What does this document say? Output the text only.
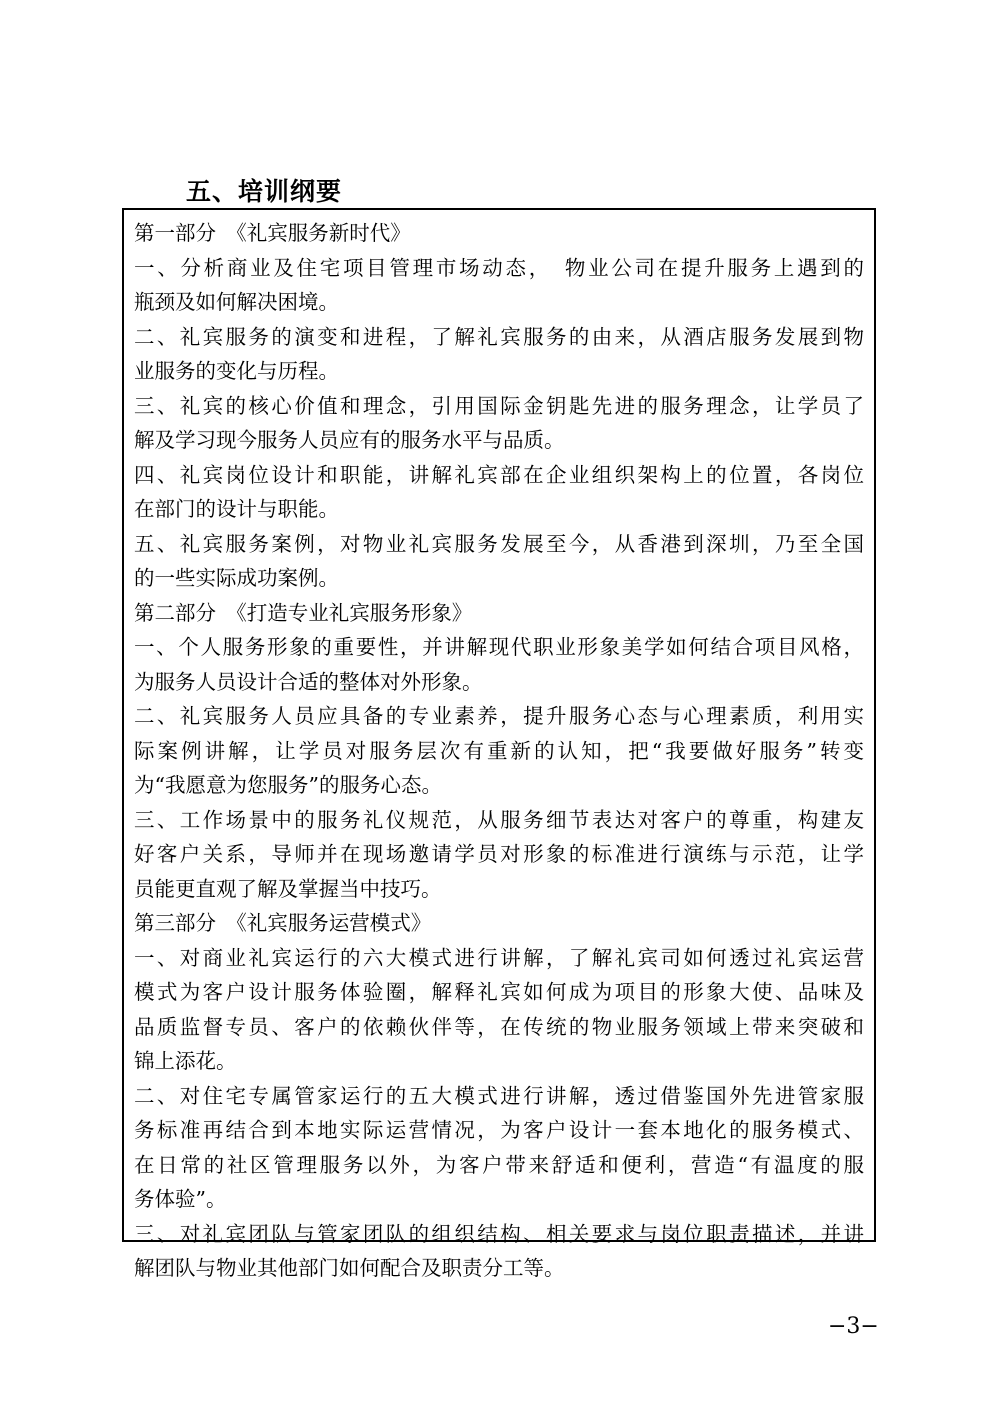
五、培训纲要
第一部分　《礼宾服务新时代》
一、分析商业及住宅项目管理市场动态，　物业公司在提升服务上遇到的
瓶颈及如何解决困境。
二、礼宾服务的演变和进程，了解礼宾服务的由来，从酒店服务发展到物
业服务的变化与历程。
三、礼宾的核心价值和理念，引用国际金钥匙先进的服务理念，让学员了
解及学习现今服务人员应有的服务水平与品质。
四、礼宾岗位设计和职能，讲解礼宾部在企业组织架构上的位置，各岗位
在部门的设计与职能。
五、礼宾服务案例，对物业礼宾服务发展至今，从香港到深圳，乃至全国
的一些实际成功案例。
第二部分　《打造专业礼宾服务形象》
一、个人服务形象的重要性，并讲解现代职业形象美学如何结合项目风格，
为服务人员设计合适的整体对外形象。
二、礼宾服务人员应具备的专业素养，提升服务心态与心理素质，利用实
际案例讲解，让学员对服务层次有重新的认知，把“我要做好服务”转变
为“我愿意为您服务”的服务心态。
三、工作场景中的服务礼仪规范，从服务细节表达对客户的尊重，构建友
好客户关系，导师并在现场邀请学员对形象的标准进行演练与示范，让学
员能更直观了解及掌握当中技巧。
第三部分　《礼宾服务运营模式》
一、对商业礼宾运行的六大模式进行讲解，了解礼宾司如何透过礼宾运营
模式为客户设计服务体验圈，解释礼宾如何成为项目的形象大使、品味及
品质监督专员、客户的依赖伙伴等，在传统的物业服务领域上带来突破和
锦上添花。
二、对住宅专属管家运行的五大模式进行讲解，透过借鉴国外先进管家服
务标准再结合到本地实际运营情况，为客户设计一套本地化的服务模式、
在日常的社区管理服务以外，为客户带来舒适和便利，营造“有温度的服
务体验”。
三、对礼宾团队与管家团队的组织结构、相关要求与岗位职责描述，并讲
解团队与物业其他部门如何配合及职责分工等。
−3−
